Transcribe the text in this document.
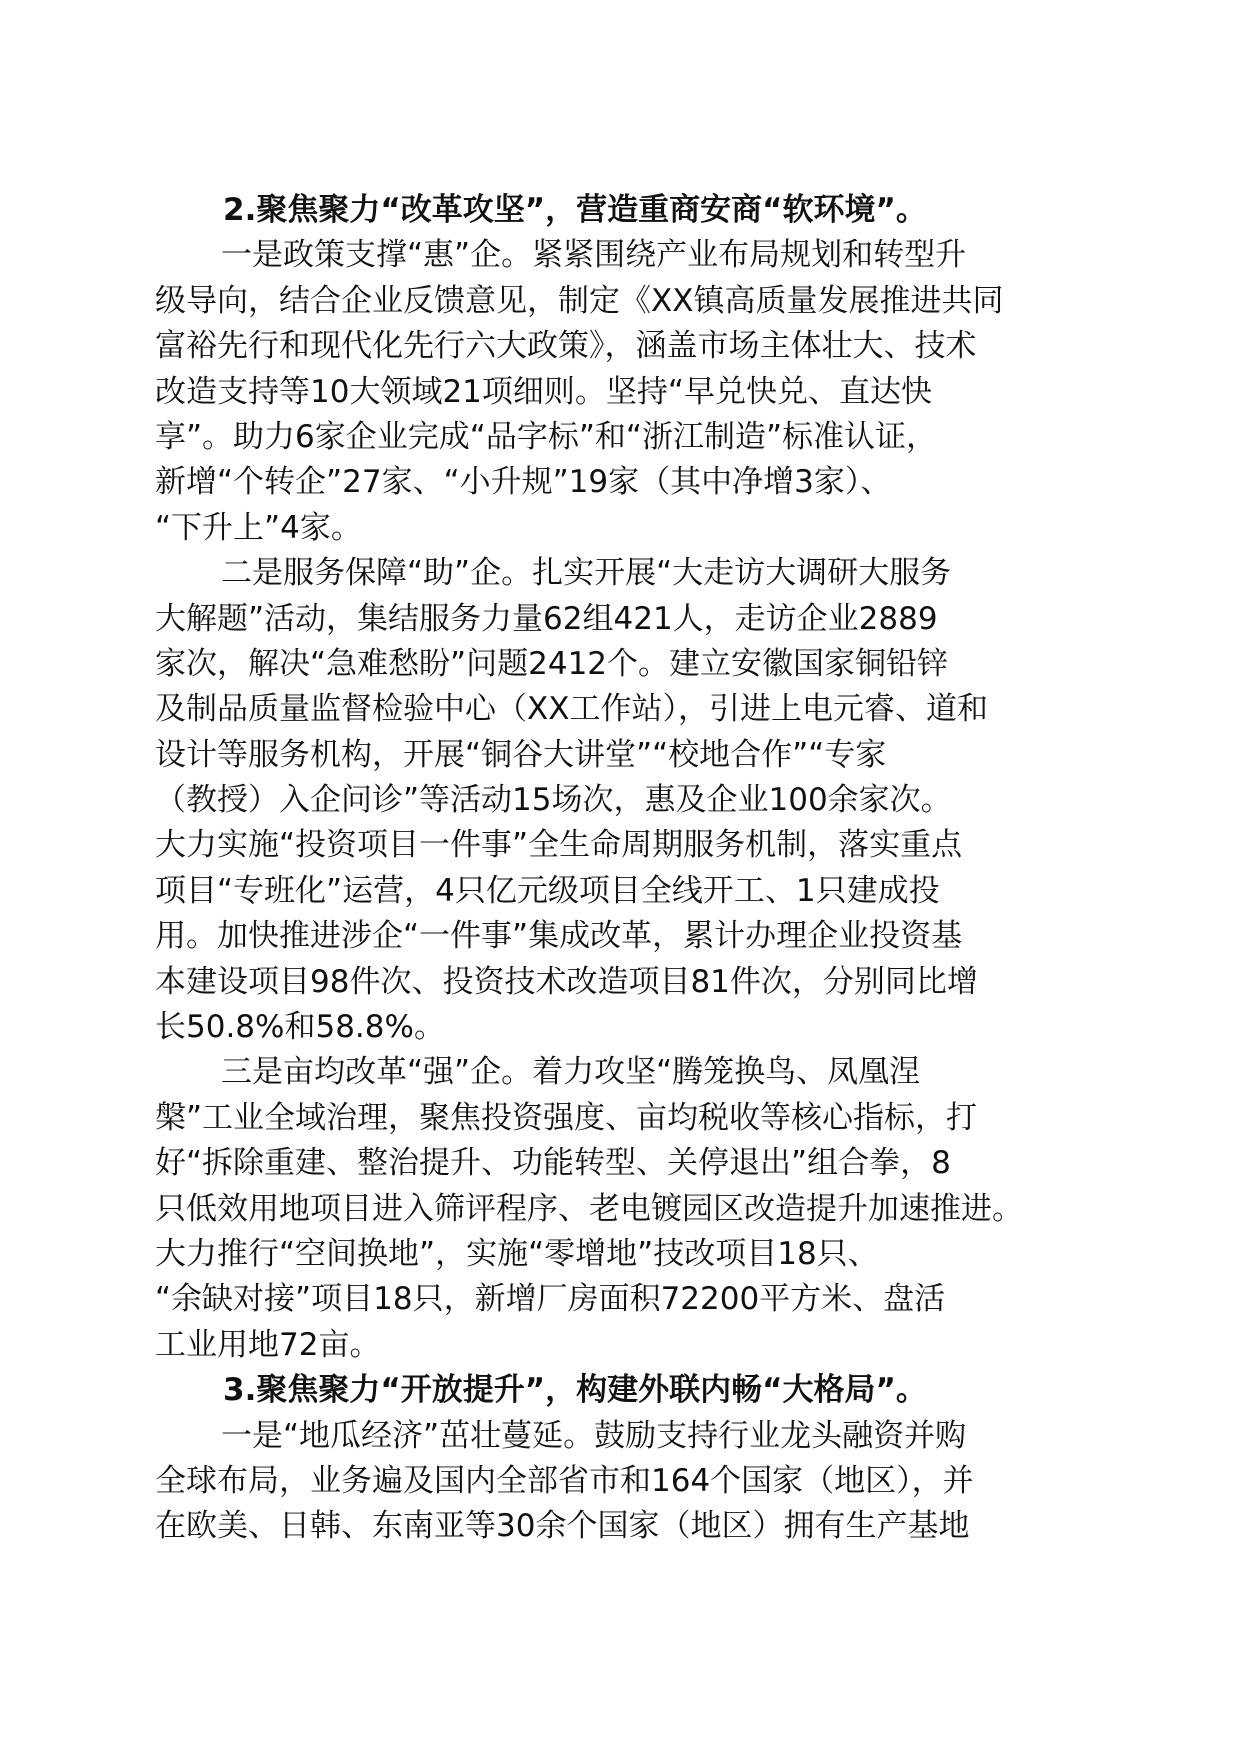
2.聚焦聚力“改革攻坚”，营造重商安商“软环境”。
一是政策支撑“惠”企。紧紧围绕产业布局规划和转型升
级导向，结合企业反馈意见，制定《XX镇高质量发展推进共同
富裕先行和现代化先行六大政策》，涵盖市场主体壮大、技术
改造支持等10大领域21项细则。坚持“早兑快兑、直达快
享”。助力6家企业完成“品字标”和“浙江制造”标准认证，
新增“个转企”27家、“小升规”19家（其中净增3家）、
“下升上”4家。
二是服务保障“助”企。扎实开展“大走访大调研大服务
大解题”活动，集结服务力量62组421人，走访企业2889
家次，解决“急难愁盼”问题2412个。建立安徽国家铜铅锌
及制品质量监督检验中心（XX工作站），引进上电元睿、道和
设计等服务机构，开展“铜谷大讲堂”“校地合作”“专家
（教授）入企问诊”等活动15场次，惠及企业100余家次。
大力实施“投资项目一件事”全生命周期服务机制，落实重点
项目“专班化”运营，4只亿元级项目全线开工、1只建成投
用。加快推进涉企“一件事”集成改革，累计办理企业投资基
本建设项目98件次、投资技术改造项目81件次，分别同比增
长50.8%和58.8%。
三是亩均改革“强”企。着力攻坚“腾笼换鸟、凤凰涅
槃”工业全域治理，聚焦投资强度、亩均税收等核心指标，打
好“拆除重建、整治提升、功能转型、关停退出”组合拳，8
只低效用地项目进入筛评程序、老电镀园区改造提升加速推进。
大力推行“空间换地”，实施“零增地”技改项目18只、
“余缺对接”项目18只，新增厂房面积72200平方米、盘活
工业用地72亩。
3.聚焦聚力“开放提升”，构建外联内畅“大格局”。
一是“地瓜经济”茁壮蔓延。鼓励支持行业龙头融资并购
全球布局，业务遍及国内全部省市和164个国家（地区），并
在欧美、日韩、东南亚等30余个国家（地区）拥有生产基地
